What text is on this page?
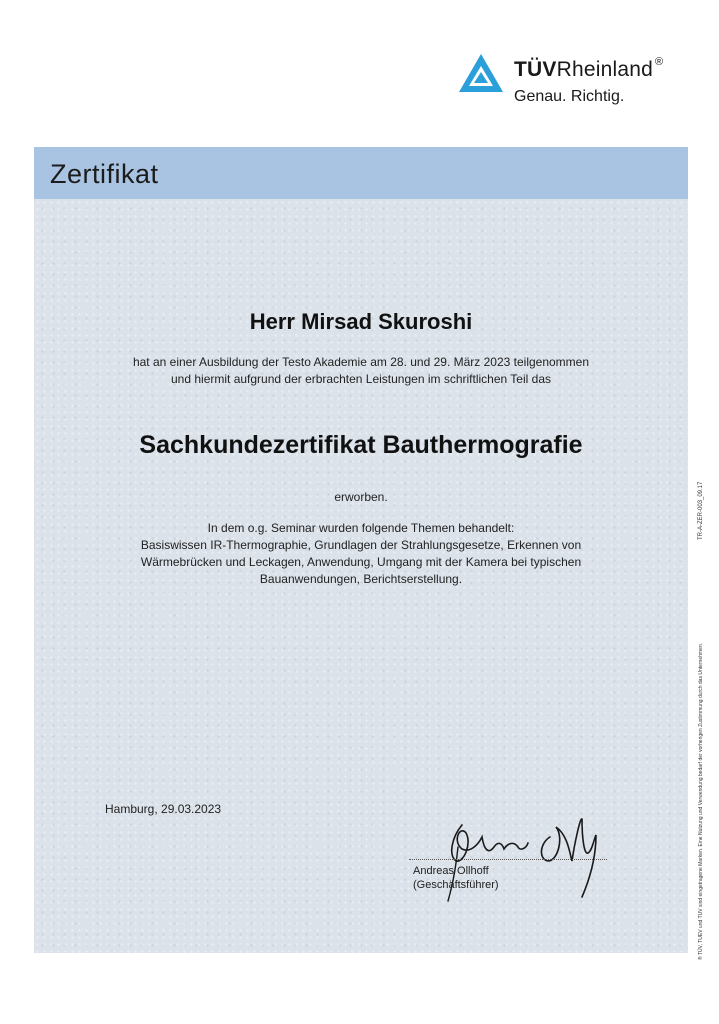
TÜVRheinland ®
Genau. Richtig.
Zertifikat
Herr Mirsad Skuroshi
hat an einer Ausbildung der Testo Akademie am 28. und 29. März 2023 teilgenommen
und hiermit aufgrund der erbrachten Leistungen im schriftlichen Teil das
Sachkundezertifikat Bauthermografie
erworben.
In dem o.g. Seminar wurden folgende Themen behandelt:
Basiswissen IR-Thermographie, Grundlagen der Strahlungsgesetze, Erkennen von
Wärmebrücken und Leckagen, Anwendung, Umgang mit der Kamera bei typischen
Bauanwendungen, Berichtserstellung.
Hamburg, 29.03.2023
Andreas Ollhoff
(Geschäftsführer)	® TÜV, TUEV und TUV sind eingetragene Marken. Eine Nutzung und Verwendung bedarf der vorherigen Zustimmung durch das Unternehmen.
TR-A-ZER-003_09.17
